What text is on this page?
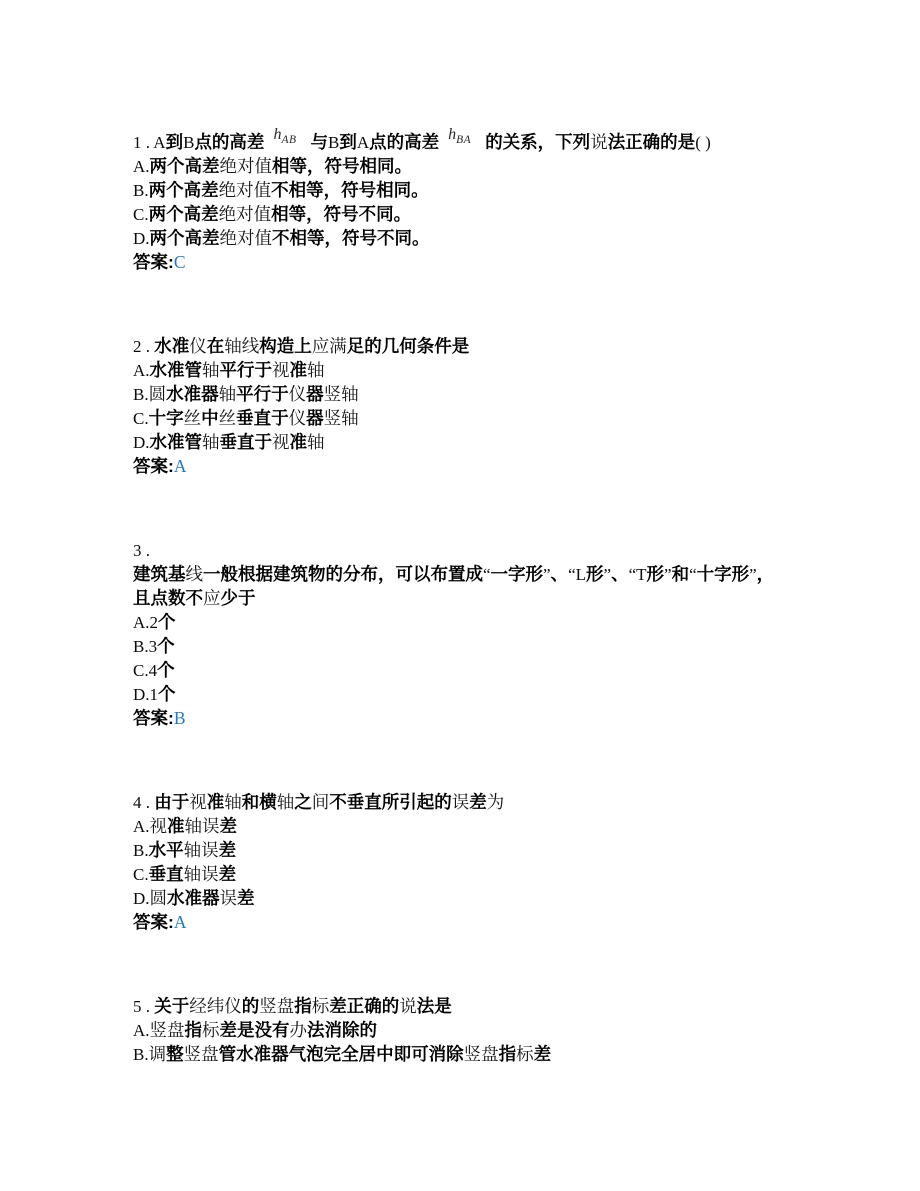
1 . A到B点的高差 $h_{AB}$ 与B到A点的高差 $h_{BA}$ 的关系，下列说法正确的是( )
A.两个高差绝对值相等，符号相同。
B.两个高差绝对值不相等，符号相同。
C.两个高差绝对值相等，符号不同。
D.两个高差绝对值不相等，符号不同。
答案:C
2 . 水准仪在轴线构造上应满足的几何条件是
A.水准管轴平行于视准轴
B.圆水准器轴平行于仪器竖轴
C.十字丝中丝垂直于仪器竖轴
D.水准管轴垂直于视准轴
答案:A
3 .
建筑基线一般根据建筑物的分布，可以布置成“一字形”、“L形”、“T形”和“十字形”，
且点数不应少于
A.2个
B.3个
C.4个
D.1个
答案:B
4 . 由于视准轴和横轴之间不垂直所引起的误差为
A.视准轴误差
B.水平轴误差
C.垂直轴误差
D.圆水准器误差
答案:A
5 . 关于经纬仪的竖盘指标差正确的说法是
A.竖盘指标差是没有办法消除的
B.调整竖盘管水准器气泡完全居中即可消除竖盘指标差
